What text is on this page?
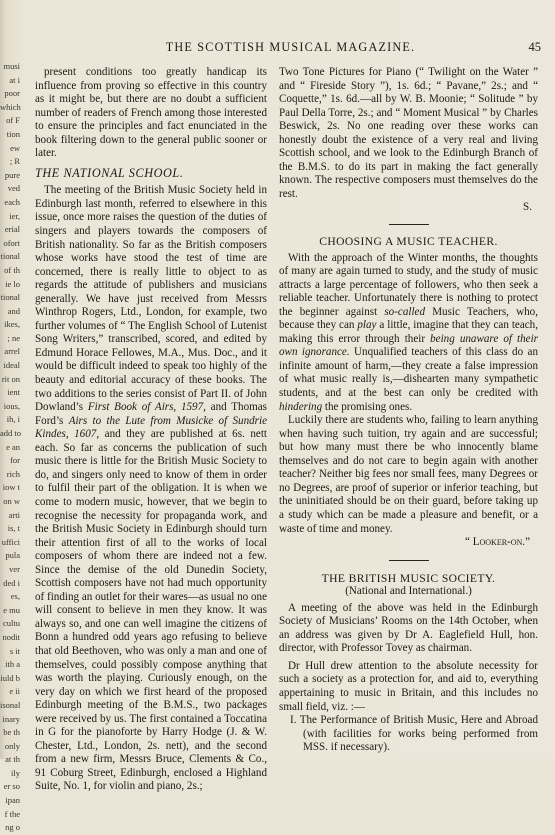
musi
at i
poor
which
of F
tion
ew
; R
pure
ved
each
ier,
erial
ofort
tional
of th
ie lo
tional
and
ikes,
; ne
arrel
ideal
rit on
ient
ious,
ih, i
add to
e an
for
rich
iow t
on w
arti
is, t
uffici
pula
ver
ded i
es,
e mu
cultu
nodit
s it
ith a
iuld b
e ii
isonal
inary
be th
only
at th
ily
er so
ipan
f the
ng o
THE SCOTTISH MUSICAL MAGAZINE.	45

present conditions too greatly handicap its influence from proving so effective in this country as it might be, but there are no doubt a sufficient number of readers of French among those interested to ensure the principles and fact enunciated in the book filtering down to the general public sooner or later.

THE NATIONAL SCHOOL.

The meeting of the British Music Society held in Edinburgh last month, referred to elsewhere in this issue, once more raises the question of the duties of singers and players towards the composers of British nationality. So far as the British composers whose works have stood the test of time are concerned, there is really little to object to as regards the attitude of publishers and musicians generally. We have just received from Messrs Winthrop Rogers, Ltd., London, for example, two further volumes of “ The English School of Lutenist Song Writers,” transcribed, scored, and edited by Edmund Horace Fellowes, M.A., Mus. Doc., and it would be difficult indeed to speak too highly of the beauty and editorial accuracy of these books. The two additions to the series consist of Part II. of John Dowland’s First Book of Airs, 1597, and Thomas Ford’s Airs to the Lute from Musicke of Sundrie Kindes, 1607, and they are published at 6s. nett each. So far as concerns the publication of such music there is little for the British Music Society to do, and singers only need to know of them in order to fulfil their part of the obligation. It is when we come to modern music, however, that we begin to recognise the necessity for propaganda work, and the British Music Society in Edinburgh should turn their attention first of all to the works of local composers of whom there are indeed not a few. Since the demise of the old Dunedin Society, Scottish composers have not had much opportunity of finding an outlet for their wares—as usual no one will consent to believe in men they know. It was always so, and one can well imagine the citizens of Bonn a hundred odd years ago refusing to believe that old Beethoven, who was only a man and one of themselves, could possibly compose anything that was worth the playing. Curiously enough, on the very day on which we first heard of the proposed Edinburgh meeting of the B.M.S., two packages were received by us. The first contained a Toccatina in G for the pianoforte by Harry Hodge (J. & W. Chester, Ltd., London, 2s. nett), and the second from a new firm, Messrs Bruce, Clements & Co., 91 Coburg Street, Edinburgh, enclosed a Highland Suite, No. 1, for violin and piano, 2s.;

Two Tone Pictures for Piano (“ Twilight on the Water ” and “ Fireside Story ”), 1s. 6d.; “ Pavane,” 2s.; and “ Coquette,” 1s. 6d.—all by W. B. Moonie; “ Solitude ” by Paul Della Torre, 2s.; and “ Moment Musical ” by Charles Beswick, 2s. No one reading over these works can honestly doubt the existence of a very real and living Scottish school, and we look to the Edinburgh Branch of the B.M.S. to do its part in making the fact generally known. The respective composers must themselves do the rest.

S.
CHOOSING A MUSIC TEACHER.

With the approach of the Winter months, the thoughts of many are again turned to study, and the study of music attracts a large percentage of followers, who then seek a reliable teacher. Unfortunately there is nothing to protect the beginner against so-called Music Teachers, who, because they can play a little, imagine that they can teach, making this error through their being unaware of their own ignorance. Unqualified teachers of this class do an infinite amount of harm,—they create a false impression of what music really is,—dishearten many sympathetic students, and at the best can only be credited with hindering the promising ones.

Luckily there are students who, failing to learn anything when having such tuition, try again and are successful; but how many must there be who innocently blame themselves and do not care to begin again with another teacher? Neither big fees nor small fees, many Degrees or no Degrees, are proof of superior or inferior teaching, but the uninitiated should be on their guard, before taking up a study which can be made a pleasure and benefit, or a waste of time and money.

“ Looker-on.”
THE BRITISH MUSIC SOCIETY.
(National and International.)

A meeting of the above was held in the Edinburgh Society of Musicians’ Rooms on the 14th October, when an address was given by Dr A. Eaglefield Hull, hon. director, with Professor Tovey as chairman.

Dr Hull drew attention to the absolute necessity for such a society as a protection for, and aid to, everything appertaining to music in Britain, and this includes no small field, viz. :—

I. The Performance of British Music, Here and Abroad (with facilities for works being performed from MSS. if necessary).
